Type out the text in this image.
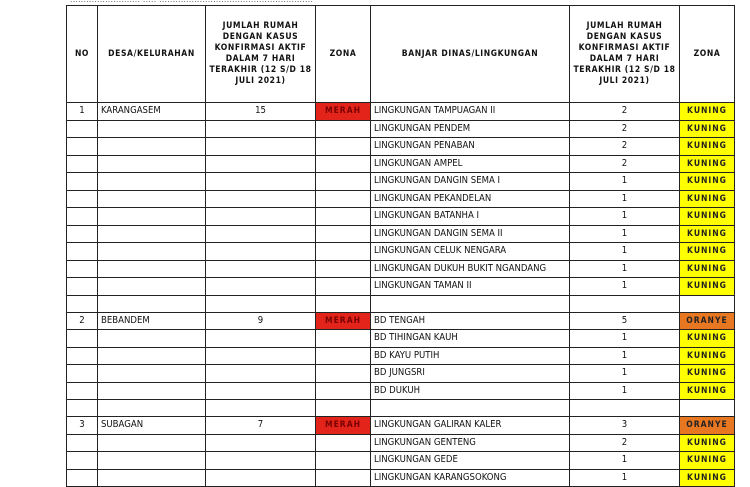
NO	DESA/KELURAHAN	JUMLAH RUMAH DENGAN KASUS KONFIRMASI AKTIF DALAM 7 HARI TERAKHIR (12 S/D 18 JULI 2021)	ZONA	BANJAR DINAS/LINGKUNGAN	JUMLAH RUMAH DENGAN KASUS KONFIRMASI AKTIF DALAM 7 HARI TERAKHIR (12 S/D 18 JULI 2021)	ZONA
1	KARANGASEM	15	MERAH	LINGKUNGAN TAMPUAGAN II	2	KUNING
				LINGKUNGAN PENDEM	2	KUNING
				LINGKUNGAN PENABAN	2	KUNING
				LINGKUNGAN AMPEL	2	KUNING
				LINGKUNGAN DANGIN SEMA I	1	KUNING
				LINGKUNGAN PEKANDELAN	1	KUNING
				LINGKUNGAN BATANHA I	1	KUNING
				LINGKUNGAN DANGIN SEMA II	1	KUNING
				LINGKUNGAN CELUK NENGARA	1	KUNING
				LINGKUNGAN DUKUH BUKIT NGANDANG	1	KUNING
				LINGKUNGAN TAMAN II	1	KUNING

2	BEBANDEM	9	MERAH	BD TENGAH	5	ORANYE
				BD TIHINGAN KAUH	1	KUNING
				BD KAYU PUTIH	1	KUNING
				BD JUNGSRI	1	KUNING
				BD DUKUH	1	KUNING

3	SUBAGAN	7	MERAH	LINGKUNGAN GALIRAN KALER	3	ORANYE
				LINGKUNGAN GENTENG	2	KUNING
				LINGKUNGAN GEDE	1	KUNING
				LINGKUNGAN KARANGSOKONG	1	KUNING
